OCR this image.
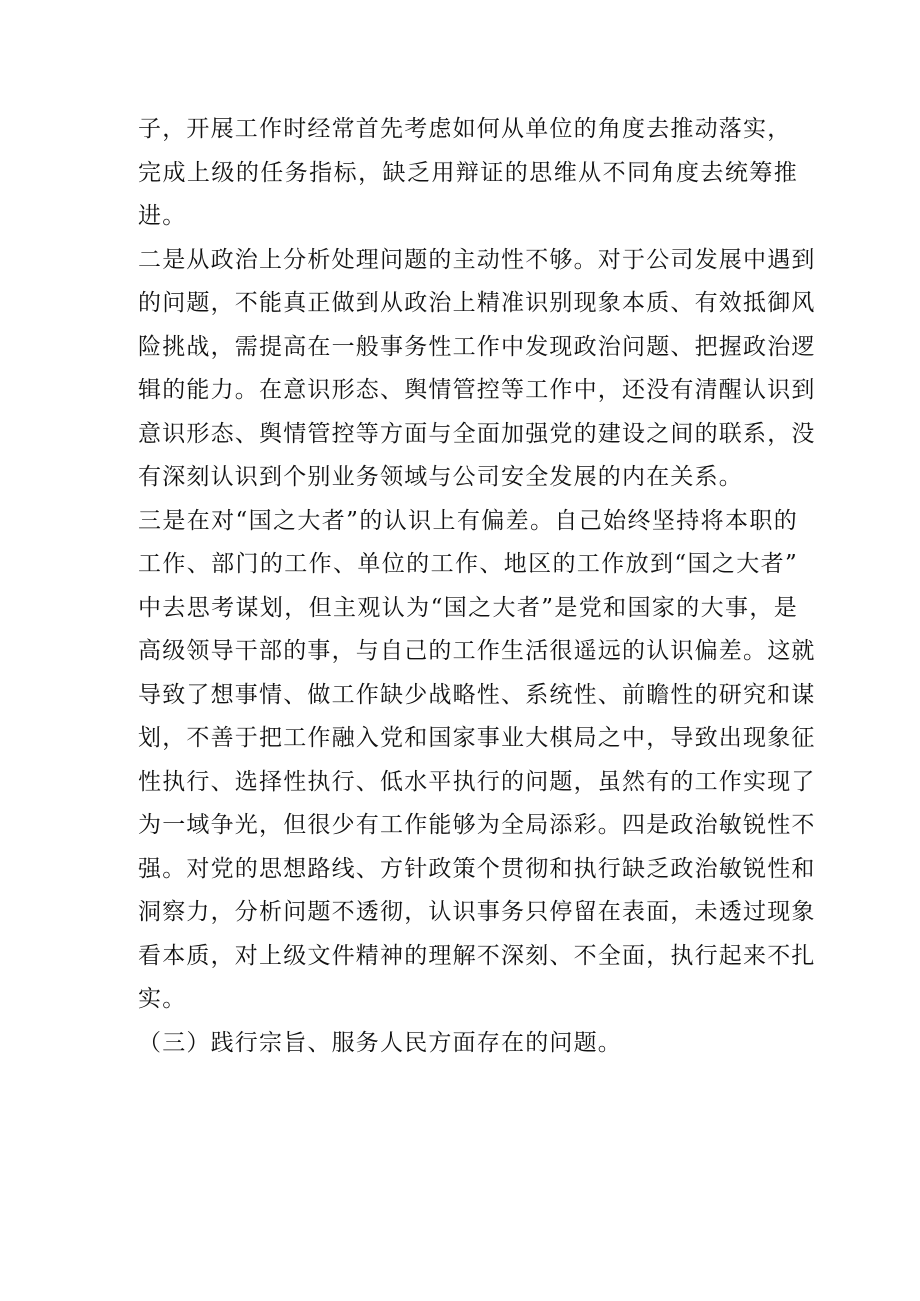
子，开展工作时经常首先考虑如何从单位的角度去推动落实，
完成上级的任务指标，缺乏用辩证的思维从不同角度去统筹推
进。
二是从政治上分析处理问题的主动性不够。对于公司发展中遇到
的问题，不能真正做到从政治上精准识别现象本质、有效抵御风
险挑战，需提高在一般事务性工作中发现政治问题、把握政治逻
辑的能力。在意识形态、舆情管控等工作中，还没有清醒认识到
意识形态、舆情管控等方面与全面加强党的建设之间的联系，没
有深刻认识到个别业务领域与公司安全发展的内在关系。
三是在对“国之大者”的认识上有偏差。自己始终坚持将本职的
工作、部门的工作、单位的工作、地区的工作放到“国之大者”
中去思考谋划，但主观认为“国之大者”是党和国家的大事，是
高级领导干部的事，与自己的工作生活很遥远的认识偏差。这就
导致了想事情、做工作缺少战略性、系统性、前瞻性的研究和谋
划，不善于把工作融入党和国家事业大棋局之中，导致出现象征
性执行、选择性执行、低水平执行的问题，虽然有的工作实现了
为一域争光，但很少有工作能够为全局添彩。四是政治敏锐性不
强。对党的思想路线、方针政策个贯彻和执行缺乏政治敏锐性和
洞察力，分析问题不透彻，认识事务只停留在表面，未透过现象
看本质，对上级文件精神的理解不深刻、不全面，执行起来不扎
实。
（三）践行宗旨、服务人民方面存在的问题。
